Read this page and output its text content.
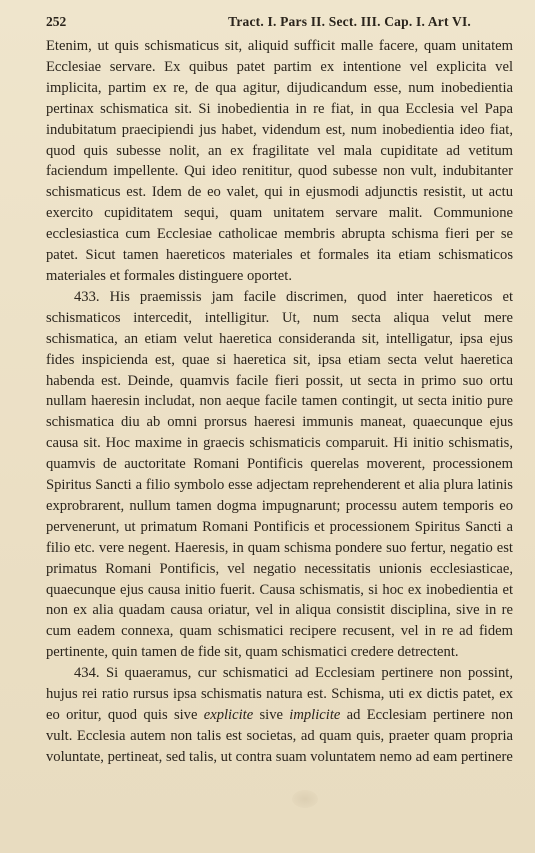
252	Tract. I. Pars II. Sect. III. Cap. I. Art VI.

Etenim, ut quis schismaticus sit, aliquid sufficit malle facere, quam unitatem Ecclesiae servare. Ex quibus patet partim ex intentione vel explicita vel implicita, partim ex re, de qua agitur, dijudicandum esse, num inobedientia pertinax schismatica sit. Si inobedientia in re fiat, in qua Ecclesia vel Papa indubitatum praecipiendi jus habet, videndum est, num inobedientia ideo fiat, quod quis subesse nolit, an ex fragilitate vel mala cupiditate ad vetitum faciendum impellente. Qui ideo renititur, quod subesse non vult, indubitanter schismaticus est. Idem de eo valet, qui in ejusmodi adjunctis resistit, ut actu exercito cupiditatem sequi, quam unitatem servare malit. Communione ecclesiastica cum Ecclesiae catholicae membris abrupta schisma fieri per se patet. Sicut tamen haereticos materiales et formales ita etiam schismaticos materiales et formales distinguere oportet.

433. His praemissis jam facile discrimen, quod inter haereticos et schismaticos intercedit, intelligitur. Ut, num secta aliqua velut mere schismatica, an etiam velut haeretica consideranda sit, intelligatur, ipsa ejus fides inspicienda est, quae si haeretica sit, ipsa etiam secta velut haeretica habenda est. Deinde, quamvis facile fieri possit, ut secta in primo suo ortu nullam haeresin includat, non aeque facile tamen contingit, ut secta initio pure schismatica diu ab omni prorsus haeresi immunis maneat, quaecunque ejus causa sit. Hoc maxime in graecis schismaticis comparuit. Hi initio schismatis, quamvis de auctoritate Romani Pontificis querelas moverent, processionem Spiritus Sancti a filio symbolo esse adjectam reprehenderent et alia plura latinis exprobrarent, nullum tamen dogma impugnarunt; processu autem temporis eo pervenerunt, ut primatum Romani Pontificis et processionem Spiritus Sancti a filio etc. vere negent. Haeresis, in quam schisma pondere suo fertur, negatio est primatus Romani Pontificis, vel negatio necessitatis unionis ecclesiasticae, quaecunque ejus causa initio fuerit. Causa schismatis, si hoc ex inobedientia et non ex alia quadam causa oriatur, vel in aliqua consistit disciplina, sive in re cum eadem connexa, quam schismatici recipere recusent, vel in re ad fidem pertinente, quin tamen de fide sit, quam schismatici credere detrectent.

434. Si quaeramus, cur schismatici ad Ecclesiam pertinere non possint, hujus rei ratio rursus ipsa schismatis natura est. Schisma, uti ex dictis patet, ex eo oritur, quod quis sive explicite sive implicite ad Ecclesiam pertinere non vult. Ecclesia autem non talis est societas, ad quam quis, praeter quam propria voluntate, pertineat, sed talis, ut contra suam voluntatem nemo ad eam pertinere
